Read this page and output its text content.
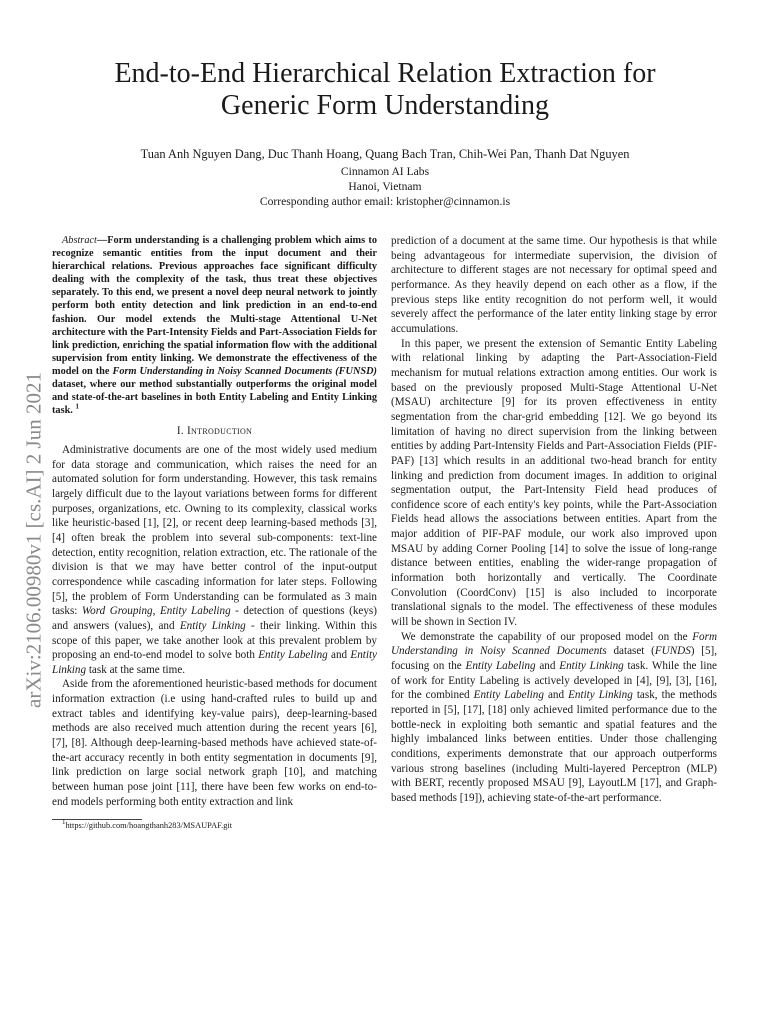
End-to-End Hierarchical Relation Extraction for
Generic Form Understanding
Tuan Anh Nguyen Dang, Duc Thanh Hoang, Quang Bach Tran, Chih-Wei Pan, Thanh Dat Nguyen
Cinnamon AI Labs
Hanoi, Vietnam
Corresponding author email: kristopher@cinnamon.is
arXiv:2106.00980v1 [cs.AI] 2 Jun 2021

Abstract—Form understanding is a challenging problem which aims to recognize semantic entities from the input document and their hierarchical relations. Previous approaches face significant difficulty dealing with the complexity of the task, thus treat these objectives separately. To this end, we present a novel deep neural network to jointly perform both entity detection and link prediction in an end-to-end fashion. Our model extends the Multi-stage Attentional U-Net architecture with the Part-Intensity Fields and Part-Association Fields for link prediction, enriching the spatial information flow with the additional supervision from entity linking. We demonstrate the effectiveness of the model on the Form Understanding in Noisy Scanned Documents (FUNSD) dataset, where our method substantially outperforms the original model and state-of-the-art baselines in both Entity Labeling and Entity Linking task. $^1$

I. Introduction

Administrative documents are one of the most widely used medium for data storage and communication, which raises the need for an automated solution for form understanding. However, this task remains largely difficult due to the layout variations between forms for different purposes, organizations, etc. Owning to its complexity, classical works like heuristic-based [1], [2], or recent deep learning-based methods [3], [4] often break the problem into several sub-components: text-line detection, entity recognition, relation extraction, etc. The rationale of the division is that we may have better control of the input-output correspondence while cascading information for later steps. Following [5], the problem of Form Understanding can be formulated as 3 main tasks: Word Grouping, Entity Labeling - detection of questions (keys) and answers (values), and Entity Linking - their linking. Within this scope of this paper, we take another look at this prevalent problem by proposing an end-to-end model to solve both Entity Labeling and Entity Linking task at the same time.

Aside from the aforementioned heuristic-based methods for document information extraction (i.e using hand-crafted rules to build up and extract tables and identifying key-value pairs), deep-learning-based methods are also received much attention during the recent years [6], [7], [8]. Although deep-learning-based methods have achieved state-of-the-art accuracy recently in both entity segmentation in documents [9], link prediction on large social network graph [10], and matching between human pose joint [11], there have been few works on end-to-end models performing both entity extraction and link

$^1$https://github.com/hoangthanh283/MSAUPAF.git

prediction of a document at the same time. Our hypothesis is that while being advantageous for intermediate supervision, the division of architecture to different stages are not necessary for optimal speed and performance. As they heavily depend on each other as a flow, if the previous steps like entity recognition do not perform well, it would severely affect the performance of the later entity linking stage by error accumulations.

In this paper, we present the extension of Semantic Entity Labeling with relational linking by adapting the Part-Association-Field mechanism for mutual relations extraction among entities. Our work is based on the previously proposed Multi-Stage Attentional U-Net (MSAU) architecture [9] for its proven effectiveness in entity segmentation from the char-grid embedding [12]. We go beyond its limitation of having no direct supervision from the linking between entities by adding Part-Intensity Fields and Part-Association Fields (PIF-PAF) [13] which results in an additional two-head branch for entity linking and prediction from document images. In addition to original segmentation output, the Part-Intensity Field head produces of confidence score of each entity's key points, while the Part-Association Fields head allows the associations between entities. Apart from the major addition of PIF-PAF module, our work also improved upon MSAU by adding Corner Pooling [14] to solve the issue of long-range distance between entities, enabling the wider-range propagation of information both horizontally and vertically. The Coordinate Convolution (CoordConv) [15] is also included to incorporate translational signals to the model. The effectiveness of these modules will be shown in Section IV.

We demonstrate the capability of our proposed model on the Form Understanding in Noisy Scanned Documents dataset (FUNDS) [5], focusing on the Entity Labeling and Entity Linking task. While the line of work for Entity Labeling is actively developed in [4], [9], [3], [16], for the combined Entity Labeling and Entity Linking task, the methods reported in [5], [17], [18] only achieved limited performance due to the bottle-neck in exploiting both semantic and spatial features and the highly imbalanced links between entities. Under those challenging conditions, experiments demonstrate that our approach outperforms various strong baselines (including Multi-layered Perceptron (MLP) with BERT, recently proposed MSAU [9], LayoutLM [17], and Graph-based methods [19]), achieving state-of-the-art performance.
